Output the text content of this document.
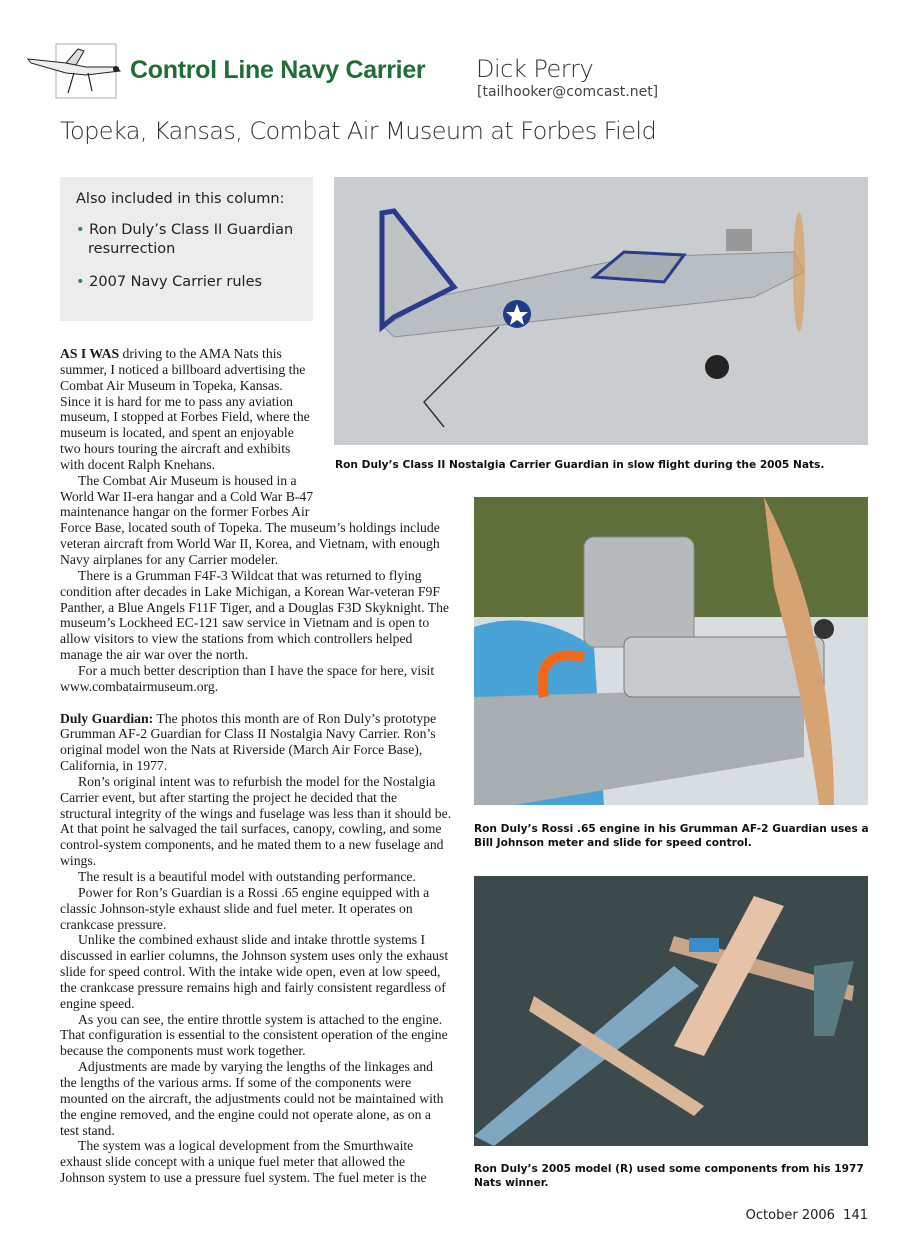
Control Line Navy Carrier Dick Perry
[tailhooker@comcast.net]
Topeka, Kansas, Combat Air Museum at Forbes Field
Also included in this column:
• Ron Duly’s Class II Guardian resurrection
• 2007 Navy Carrier rules

AS I WAS driving to the AMA Nats this summer, I noticed a billboard advertising the Combat Air Museum in Topeka, Kansas. Since it is hard for me to pass any aviation museum, I stopped at Forbes Field, where the museum is located, and spent an enjoyable two hours touring the aircraft and exhibits with docent Ralph Knehans.

The Combat Air Museum is housed in a World War II-era hangar and a Cold War B-47 maintenance hangar on the former Forbes Air Force Base, located south of Topeka. The museum’s holdings include veteran aircraft from World War II, Korea, and Vietnam, with enough Navy airplanes for any Carrier modeler.

There is a Grumman F4F-3 Wildcat that was returned to flying condition after decades in Lake Michigan, a Korean War-veteran F9F Panther, a Blue Angels F11F Tiger, and a Douglas F3D Skyknight. The museum’s Lockheed EC-121 saw service in Vietnam and is open to allow visitors to view the stations from which controllers helped manage the air war over the north.

For a much better description than I have the space for here, visit www.combatairmuseum.org.

Duly Guardian: The photos this month are of Ron Duly’s prototype Grumman AF-2 Guardian for Class II Nostalgia Navy Carrier. Ron’s original model won the Nats at Riverside (March Air Force Base), California, in 1977.

Ron’s original intent was to refurbish the model for the Nostalgia Carrier event, but after starting the project he decided that the structural integrity of the wings and fuselage was less than it should be. At that point he salvaged the tail surfaces, canopy, cowling, and some control-system components, and he mated them to a new fuselage and wings.

The result is a beautiful model with outstanding performance.

Power for Ron’s Guardian is a Rossi .65 engine equipped with a classic Johnson-style exhaust slide and fuel meter. It operates on crankcase pressure.

Unlike the combined exhaust slide and intake throttle systems I discussed in earlier columns, the Johnson system uses only the exhaust slide for speed control. With the intake wide open, even at low speed, the crankcase pressure remains high and fairly consistent regardless of engine speed.

As you can see, the entire throttle system is attached to the engine. That configuration is essential to the consistent operation of the engine because the components must work together.

Adjustments are made by varying the lengths of the linkages and the lengths of the various arms. If some of the components were mounted on the aircraft, the adjustments could not be maintained with the engine removed, and the engine could not operate alone, as on a test stand.

The system was a logical development from the Smurthwaite exhaust slide concept with a unique fuel meter that allowed the Johnson system to use a pressure fuel system. The fuel meter is the

Ron Duly’s Class II Nostalgia Carrier Guardian in slow flight during the 2005 Nats.
Ron Duly’s Rossi .65 engine in his Grumman AF-2 Guardian uses a Bill Johnson meter and slide for speed control.
Ron Duly’s 2005 model (R) used some components from his 1977 Nats winner.
October 2006 141
